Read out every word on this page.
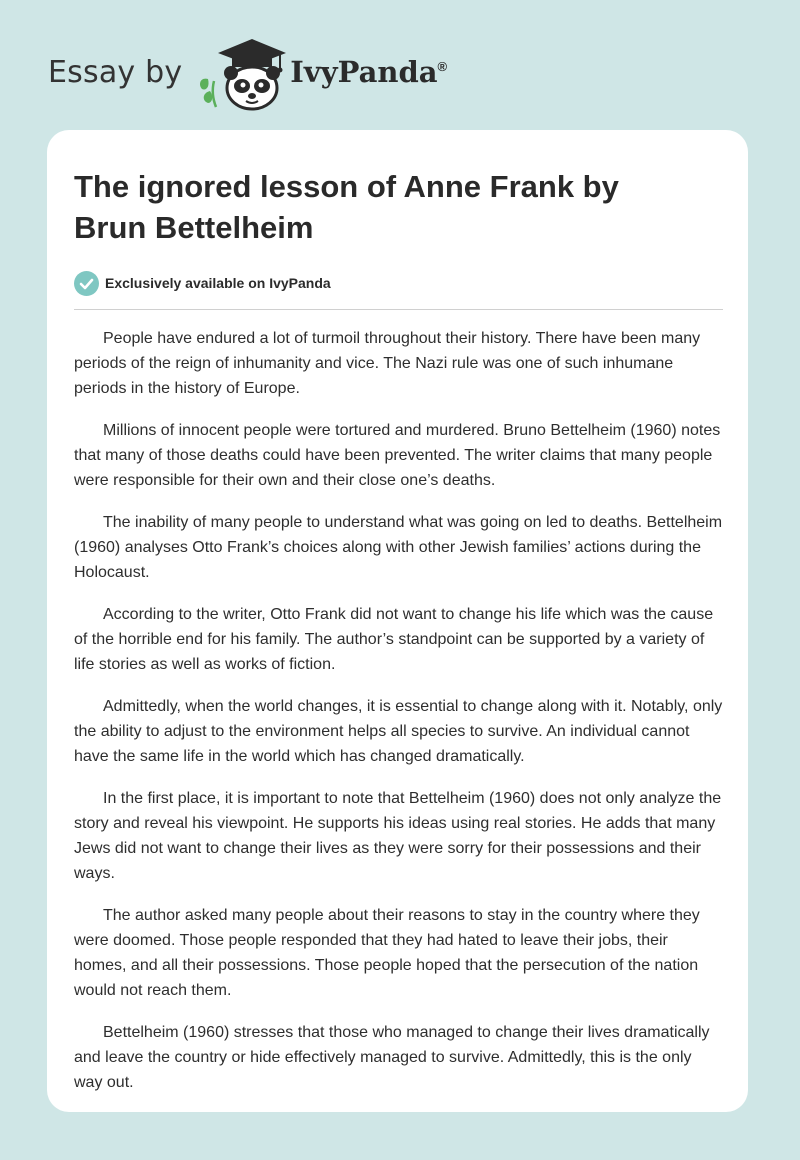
Essay by	IvyPanda®
The ignored lesson of Anne Frank by Brun Bettelheim
Exclusively available on IvyPanda

People have endured a lot of turmoil throughout their history. There have been many periods of the reign of inhumanity and vice. The Nazi rule was one of such inhumane periods in the history of Europe.

Millions of innocent people were tortured and murdered. Bruno Bettelheim (1960) notes that many of those deaths could have been prevented. The writer claims that many people were responsible for their own and their close one’s deaths.

The inability of many people to understand what was going on led to deaths. Bettelheim (1960) analyses Otto Frank’s choices along with other Jewish families’ actions during the Holocaust.

According to the writer, Otto Frank did not want to change his life which was the cause of the horrible end for his family. The author’s standpoint can be supported by a variety of life stories as well as works of fiction.

Admittedly, when the world changes, it is essential to change along with it. Notably, only the ability to adjust to the environment helps all species to survive. An individual cannot have the same life in the world which has changed dramatically.

In the first place, it is important to note that Bettelheim (1960) does not only analyze the story and reveal his viewpoint. He supports his ideas using real stories. He adds that many Jews did not want to change their lives as they were sorry for their possessions and their ways.

The author asked many people about their reasons to stay in the country where they were doomed. Those people responded that they had hated to leave their jobs, their homes, and all their possessions. Those people hoped that the persecution of the nation would not reach them.

Bettelheim (1960) stresses that those who managed to change their lives dramatically and leave the country or hide effectively managed to survive. Admittedly, this is the only way out.
